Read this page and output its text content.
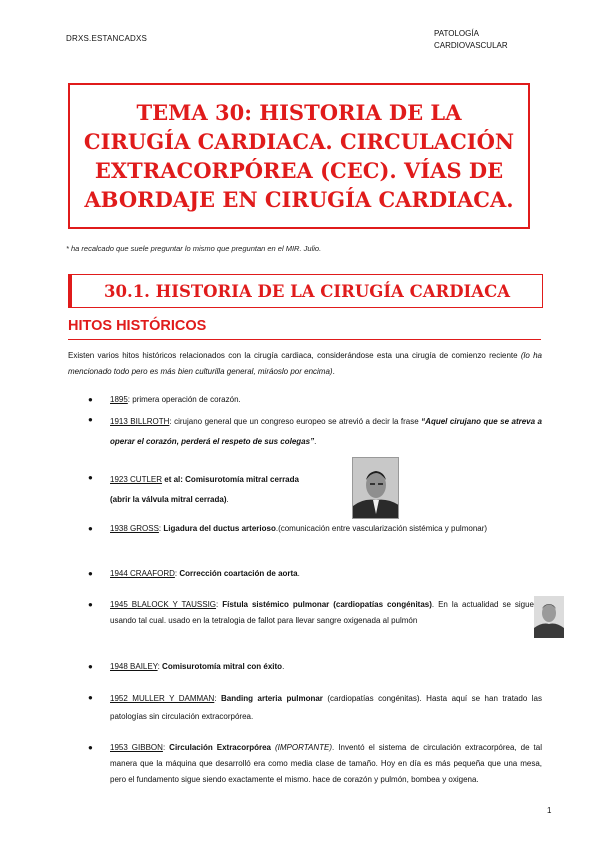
DRXS.ESTANCADXS
PATOLOGÍA
CARDIOVASCULAR
TEMA 30: HISTORIA DE LA
CIRUGÍA CARDIACA. CIRCULACIÓN
EXTRACORPÓREA (CEC). VÍAS DE
ABORDAJE EN CIRUGÍA CARDIACA.
* ha recalcado que suele preguntar lo mismo que preguntan en el MIR. Julio.
30.1. HISTORIA DE LA CIRUGÍA CARDIACA
HITOS HISTÓRICOS
Existen varios hitos históricos relacionados con la cirugía cardiaca, considerándose esta una cirugía de comienzo reciente (lo ha mencionado todo pero es más bien culturilla general, miráoslo por encima).
● 1895: primera operación de corazón.
● 1913 BILLROTH: cirujano general que un congreso europeo se atrevió a decir la frase “Aquel cirujano que se atreva a operar el corazón, perderá el respeto de sus colegas”.
● 1923 CUTLER et al: Comisurotomía mitral cerrada
(abrir la válvula mitral cerrada).
● 1938 GROSS: Ligadura del ductus arterioso.(comunicación entre vascularización sistémica y pulmonar)
● 1944 CRAAFORD: Corrección coartación de aorta.
● 1945 BLALOCK Y TAUSSIG: Fístula sistémico pulmonar (cardiopatías congénitas). En la actualidad se sigue usando tal cual. usado en la tetralogia de fallot para llevar sangre oxigenada al pulmón
● 1948 BAILEY: Comisurotomía mitral con éxito.
● 1952 MULLER Y DAMMAN: Banding arteria pulmonar (cardiopatías congénitas). Hasta aquí se han tratado las patologías sin circulación extracorpórea.
● 1953 GIBBON: Circulación Extracorpórea (IMPORTANTE). Inventó el sistema de circulación extracorpórea, de tal manera que la máquina que desarrolló era como media clase de tamaño. Hoy en día es más pequeña que una mesa, pero el fundamento sigue siendo exactamente el mismo. hace de corazón y pulmón, bombea y oxigena.
1
